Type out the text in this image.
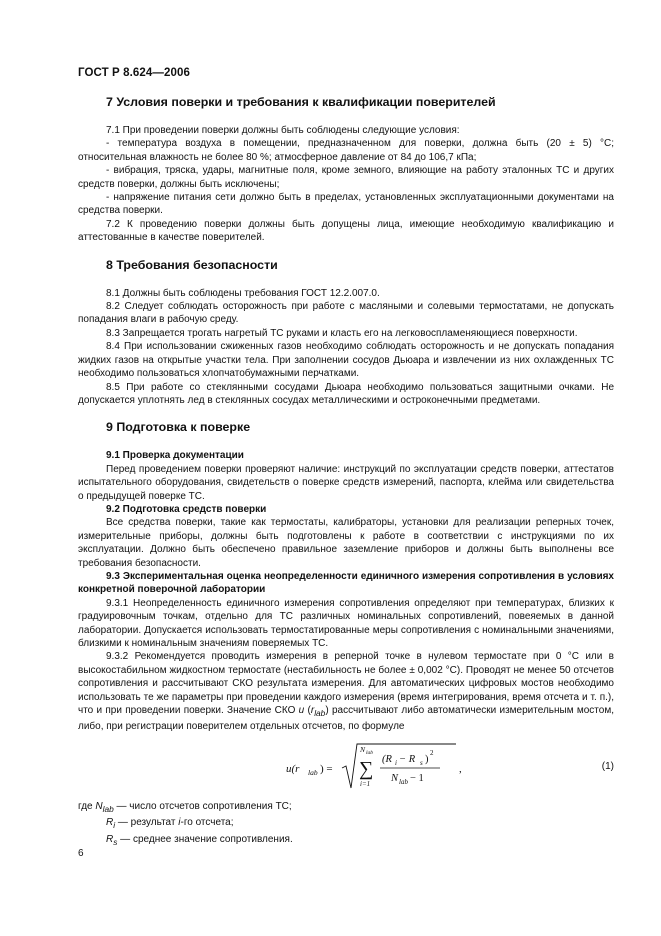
ГОСТ Р 8.624—2006
7 Условия поверки и требования к квалификации поверителей

7.1 При проведении поверки должны быть соблюдены следующие условия:

- температура воздуха в помещении, предназначенном для поверки, должна быть (20 ± 5) °С; относительная влажность не более 80 %; атмосферное давление от 84 до 106,7 кПа;

- вибрация, тряска, удары, магнитные поля, кроме земного, влияющие на работу эталонных ТС и других средств поверки, должны быть исключены;

- напряжение питания сети должно быть в пределах, установленных эксплуатационными документами на средства поверки.

7.2 К проведению поверки должны быть допущены лица, имеющие необходимую квалификацию и аттестованные в качестве поверителей.

8 Требования безопасности

8.1 Должны быть соблюдены требования ГОСТ 12.2.007.0.

8.2 Следует соблюдать осторожность при работе с масляными и солевыми термостатами, не допускать попадания влаги в рабочую среду.

8.3 Запрещается трогать нагретый ТС руками и класть его на легковоспламеняющиеся поверхности.

8.4 При использовании сжиженных газов необходимо соблюдать осторожность и не допускать попадания жидких газов на открытые участки тела. При заполнении сосудов Дьюара и извлечении из них охлажденных ТС необходимо пользоваться хлопчатобумажными перчатками.

8.5 При работе со стеклянными сосудами Дьюара необходимо пользоваться защитными очками. Не допускается уплотнять лед в стеклянных сосудах металлическими и остроконечными предметами.

9 Подготовка к поверке

9.1 Проверка документации

Перед проведением поверки проверяют наличие: инструкций по эксплуатации средств поверки, аттестатов испытательного оборудования, свидетельств о поверке средств измерений, паспорта, клейма или свидетельства о предыдущей поверке ТС.

9.2 Подготовка средств поверки

Все средства поверки, такие как термостаты, калибраторы, установки для реализации реперных точек, измерительные приборы, должны быть подготовлены к работе в соответствии с инструкциями по их эксплуатации. Должно быть обеспечено правильное заземление приборов и должны быть выполнены все требования безопасности.

9.3 Экспериментальная оценка неопределенности единичного измерения сопротивления в условиях конкретной поверочной лаборатории

9.3.1 Неопределенность единичного измерения сопротивления определяют при температурах, близких к градуировочным точкам, отдельно для ТС различных номинальных сопротивлений, повеяемых в данной лаборатории. Допускается использовать термостатированные меры сопротивления с номинальными значениями, близкими к номинальным значениям поверяемых ТС.

9.3.2 Рекомендуется проводить измерения в реперной точке в нулевом термостате при 0 °С или в высокостабильном жидкостном термостате (нестабильность не более ± 0,002 °С). Проводят не менее 50 отсчетов сопротивления и рассчитывают СКО результата измерения. Для автоматических цифровых мостов необходимо использовать те же параметры при проведении каждого измерения (время интегрирования, время отсчета и т. п.), что и при проведении поверки. Значение СКО u $(r_{lab})$ рассчитывают либо автоматически измерительным мостом, либо, при регистрации поверителем отдельных отсчетов, по формуле

u(r lab ) =
N lab
∑
i=1
(R i − R s )
2
N lab − 1
,	(1)

где $N_{lab}$ — число отсчетов сопротивления ТС;

$R_i$ — результат i-го отсчета;

$R_s$ — среднее значение сопротивления.

6
